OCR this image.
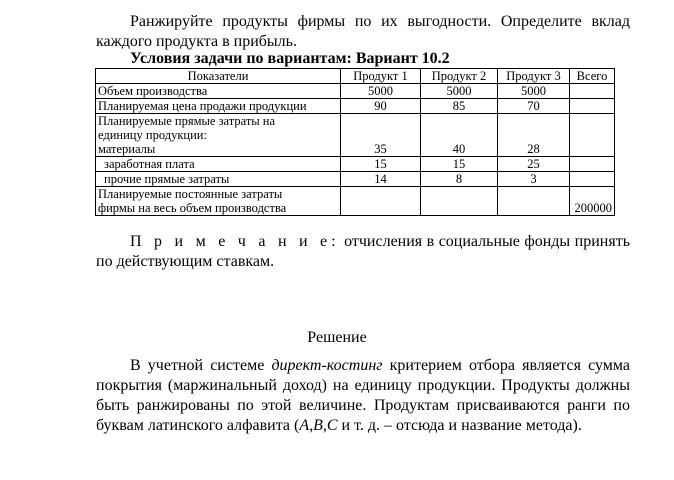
Ранжируйте продукты фирмы по их выгодности. Определите вклад каждого продукта в прибыль.
Условия задачи по вариантам: Вариант 10.2
Показатели	Продукт 1	Продукт 2	Продукт 3	Всего
Объем производства	5000	5000	5000	
Планируемая цена продажи продукции	90	85	70	

Планируемые прямые затраты на
единицу продукции:
материалы	35	40	28	
заработная плата	15	15	25	
прочие прямые затраты	14	8	3	

Планируемые постоянные затраты
фирмы на весь объем производства				200000
П р и м е ч а н и е: отчисления в социальные фонды принять по действующим ставкам.
Решение
В учетной системе директ-костинг критерием отбора является сумма покрытия (маржинальный доход) на единицу продукции. Продукты должны быть ранжированы по этой величине. Продуктам присваиваются ранги по буквам латинского алфавита (A,B,C и т. д. – отсюда и название метода).
